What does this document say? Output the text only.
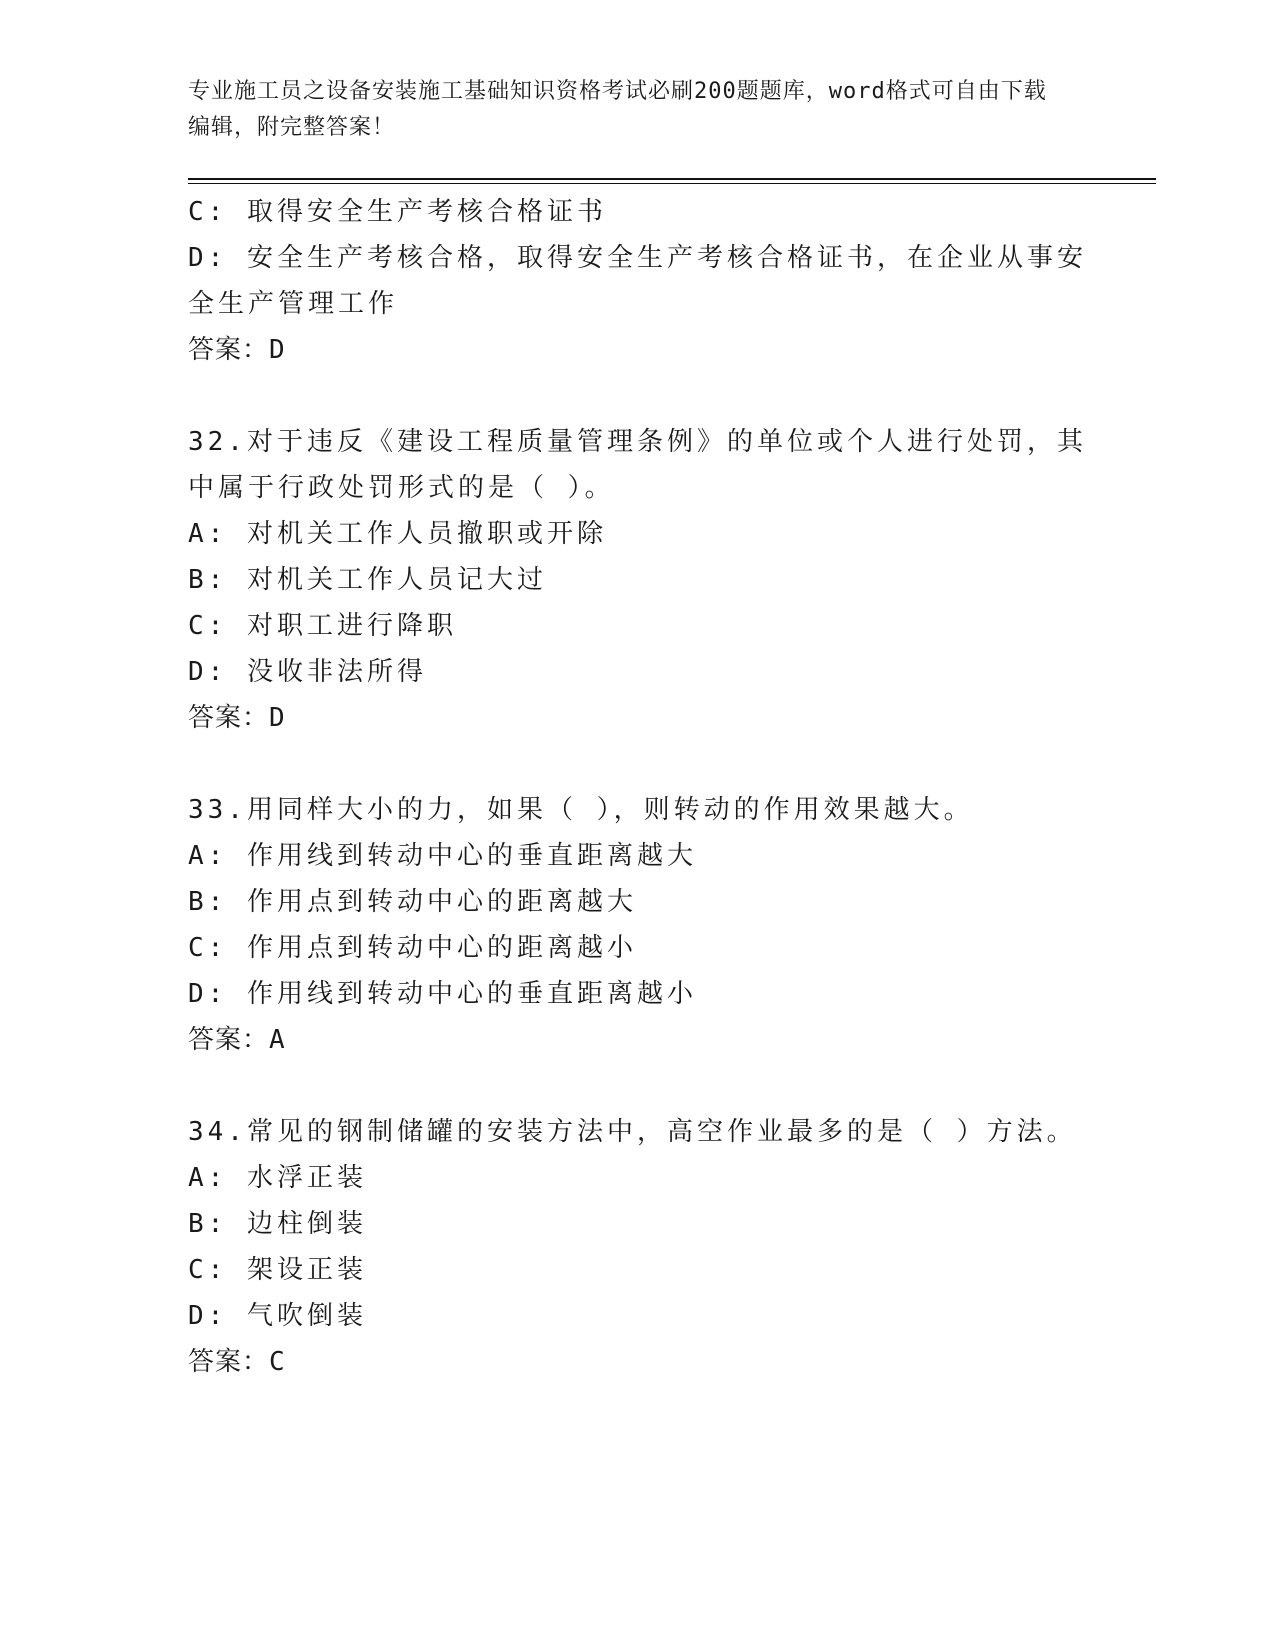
专业施工员之设备安装施工基础知识资格考试必刷200题题库，word格式可自由下载编辑，附完整答案！

C: 取得安全生产考核合格证书

D: 安全生产考核合格，取得安全生产考核合格证书，在企业从事安全生产管理工作

答案：D

32.对于违反《建设工程质量管理条例》的单位或个人进行处罚，其中属于行政处罚形式的是（ ）。

A: 对机关工作人员撤职或开除

B: 对机关工作人员记大过

C: 对职工进行降职

D: 没收非法所得

答案：D

33.用同样大小的力，如果（ ），则转动的作用效果越大。

A: 作用线到转动中心的垂直距离越大

B: 作用点到转动中心的距离越大

C: 作用点到转动中心的距离越小

D: 作用线到转动中心的垂直距离越小

答案：A

34.常见的钢制储罐的安装方法中，高空作业最多的是（ ）方法。

A: 水浮正装

B: 边柱倒装

C: 架设正装

D: 气吹倒装

答案：C
